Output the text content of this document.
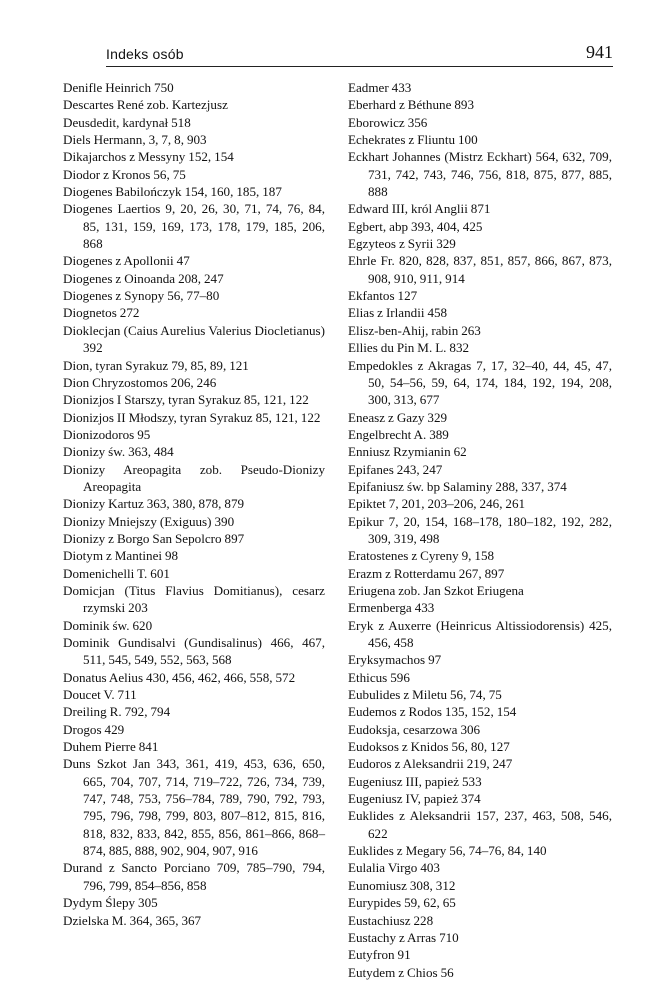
Indeks osób	941
Denifle Heinrich 750
Descartes René zob. Kartezjusz
Deusdedit, kardynał 518
Diels Hermann, 3, 7, 8, 903
Dikajarchos z Messyny 152, 154
Diodor z Kronos 56, 75
Diogenes Babilończyk 154, 160, 185, 187
Diogenes Laertios 9, 20, 26, 30, 71, 74, 76, 84, 85, 131, 159, 169, 173, 178, 179, 185, 206, 868
Diogenes z Apollonii 47
Diogenes z Oinoanda 208, 247
Diogenes z Synopy 56, 77–80
Diognetos 272
Dioklecjan (Caius Aurelius Valerius Diocletianus) 392
Dion, tyran Syrakuz 79, 85, 89, 121
Dion Chryzostomos 206, 246
Dionizjos I Starszy, tyran Syrakuz 85, 121, 122
Dionizjos II Młodszy, tyran Syrakuz 85, 121, 122
Dionizodoros 95
Dionizy św. 363, 484
Dionizy Areopagita zob. Pseudo-Dionizy Areopagita
Dionizy Kartuz 363, 380, 878, 879
Dionizy Mniejszy (Exiguus) 390
Dionizy z Borgo San Sepolcro 897
Diotym z Mantinei 98
Domenichelli T. 601
Domicjan (Titus Flavius Domitianus), cesarz rzymski 203
Dominik św. 620
Dominik Gundisalvi (Gundisalinus) 466, 467, 511, 545, 549, 552, 563, 568
Donatus Aelius 430, 456, 462, 466, 558, 572
Doucet V. 711
Dreiling R. 792, 794
Drogos 429
Duhem Pierre 841
Duns Szkot Jan 343, 361, 419, 453, 636, 650, 665, 704, 707, 714, 719–722, 726, 734, 739, 747, 748, 753, 756–784, 789, 790, 792, 793, 795, 796, 798, 799, 803, 807–812, 815, 816, 818, 832, 833, 842, 855, 856, 861–866, 868–874, 885, 888, 902, 904, 907, 916
Durand z Sancto Porciano 709, 785–790, 794, 796, 799, 854–856, 858
Dydym Ślepy 305
Dzielska M. 364, 365, 367
Eadmer 433
Eberhard z Béthune 893
Eborowicz 356
Echekrates z Fliuntu 100
Eckhart Johannes (Mistrz Eckhart) 564, 632, 709, 731, 742, 743, 746, 756, 818, 875, 877, 885, 888
Edward III, król Anglii 871
Egbert, abp 393, 404, 425
Egzyteos z Syrii 329
Ehrle Fr. 820, 828, 837, 851, 857, 866, 867, 873, 908, 910, 911, 914
Ekfantos 127
Elias z Irlandii 458
Elisz-ben-Ahij, rabin 263
Ellies du Pin M. L. 832
Empedokles z Akragas 7, 17, 32–40, 44, 45, 47, 50, 54–56, 59, 64, 174, 184, 192, 194, 208, 300, 313, 677
Eneasz z Gazy 329
Engelbrecht A. 389
Enniusz Rzymianin 62
Epifanes 243, 247
Epifaniusz św. bp Salaminy 288, 337, 374
Epiktet 7, 201, 203–206, 246, 261
Epikur 7, 20, 154, 168–178, 180–182, 192, 282, 309, 319, 498
Eratostenes z Cyreny 9, 158
Erazm z Rotterdamu 267, 897
Eriugena zob. Jan Szkot Eriugena
Ermenberga 433
Eryk z Auxerre (Heinricus Altissiodorensis) 425, 456, 458
Eryksymachos 97
Ethicus 596
Eubulides z Miletu 56, 74, 75
Eudemos z Rodos 135, 152, 154
Eudoksja, cesarzowa 306
Eudoksos z Knidos 56, 80, 127
Eudoros z Aleksandrii 219, 247
Eugeniusz III, papież 533
Eugeniusz IV, papież 374
Euklides z Aleksandrii 157, 237, 463, 508, 546, 622
Euklides z Megary 56, 74–76, 84, 140
Eulalia Virgo 403
Eunomiusz 308, 312
Eurypides 59, 62, 65
Eustachiusz 228
Eustachy z Arras 710
Eutyfron 91
Eutydem z Chios 56
